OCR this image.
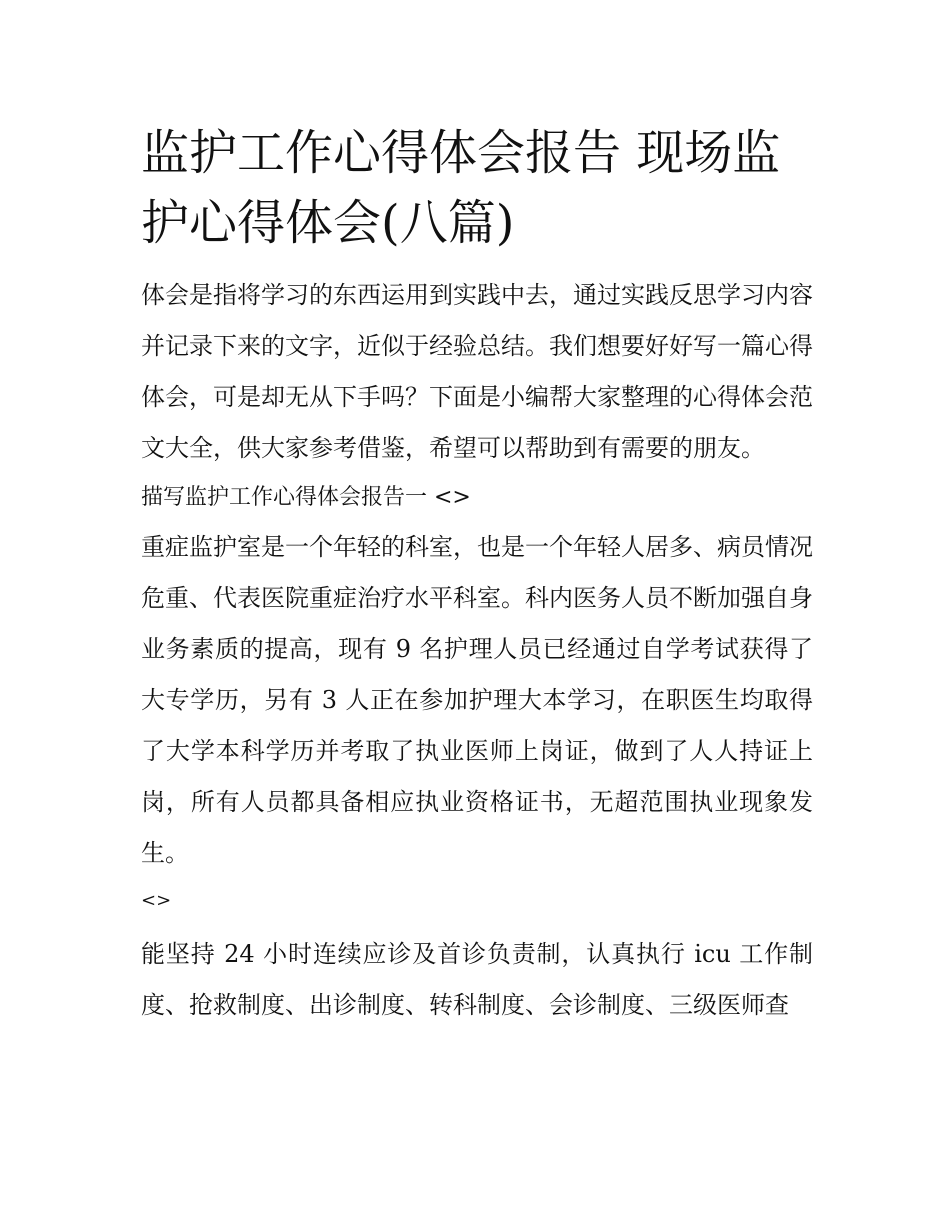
监护工作心得体会报告 现场监护心得体会(八篇)

体会是指将学习的东西运用到实践中去，通过实践反思学习内容并记录下来的文字，近似于经验总结。我们想要好好写一篇心得体会，可是却无从下手吗？下面是小编帮大家整理的心得体会范文大全，供大家参考借鉴，希望可以帮助到有需要的朋友。

描写监护工作心得体会报告一 <>

重症监护室是一个年轻的科室，也是一个年轻人居多、病员情况危重、代表医院重症治疗水平科室。科内医务人员不断加强自身业务素质的提高，现有 9 名护理人员已经通过自学考试获得了大专学历，另有 3 人正在参加护理大本学习，在职医生均取得了大学本科学历并考取了执业医师上岗证，做到了人人持证上岗，所有人员都具备相应执业资格证书，无超范围执业现象发生。

<>

能坚持 24 小时连续应诊及首诊负责制，认真执行 icu 工作制度、抢救制度、出诊制度、转科制度、会诊制度、三级医师查
